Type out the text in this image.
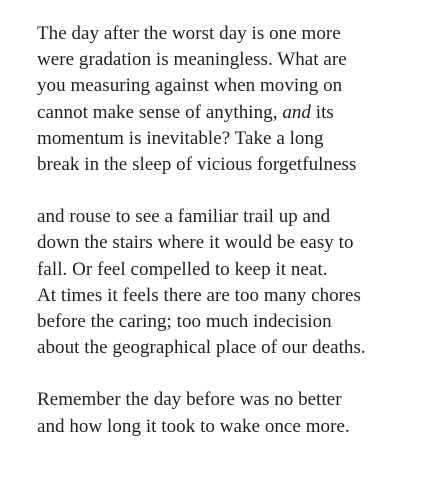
The day after the worst day is one more
were gradation is meaningless. What are
you measuring against when moving on
cannot make sense of anything, and its
momentum is inevitable? Take a long
break in the sleep of vicious forgetfulness
and rouse to see a familiar trail up and
down the stairs where it would be easy to
fall. Or feel compelled to keep it neat.
At times it feels there are too many chores
before the caring; too much indecision
about the geographical place of our deaths.
Remember the day before was no better
and how long it took to wake once more.
